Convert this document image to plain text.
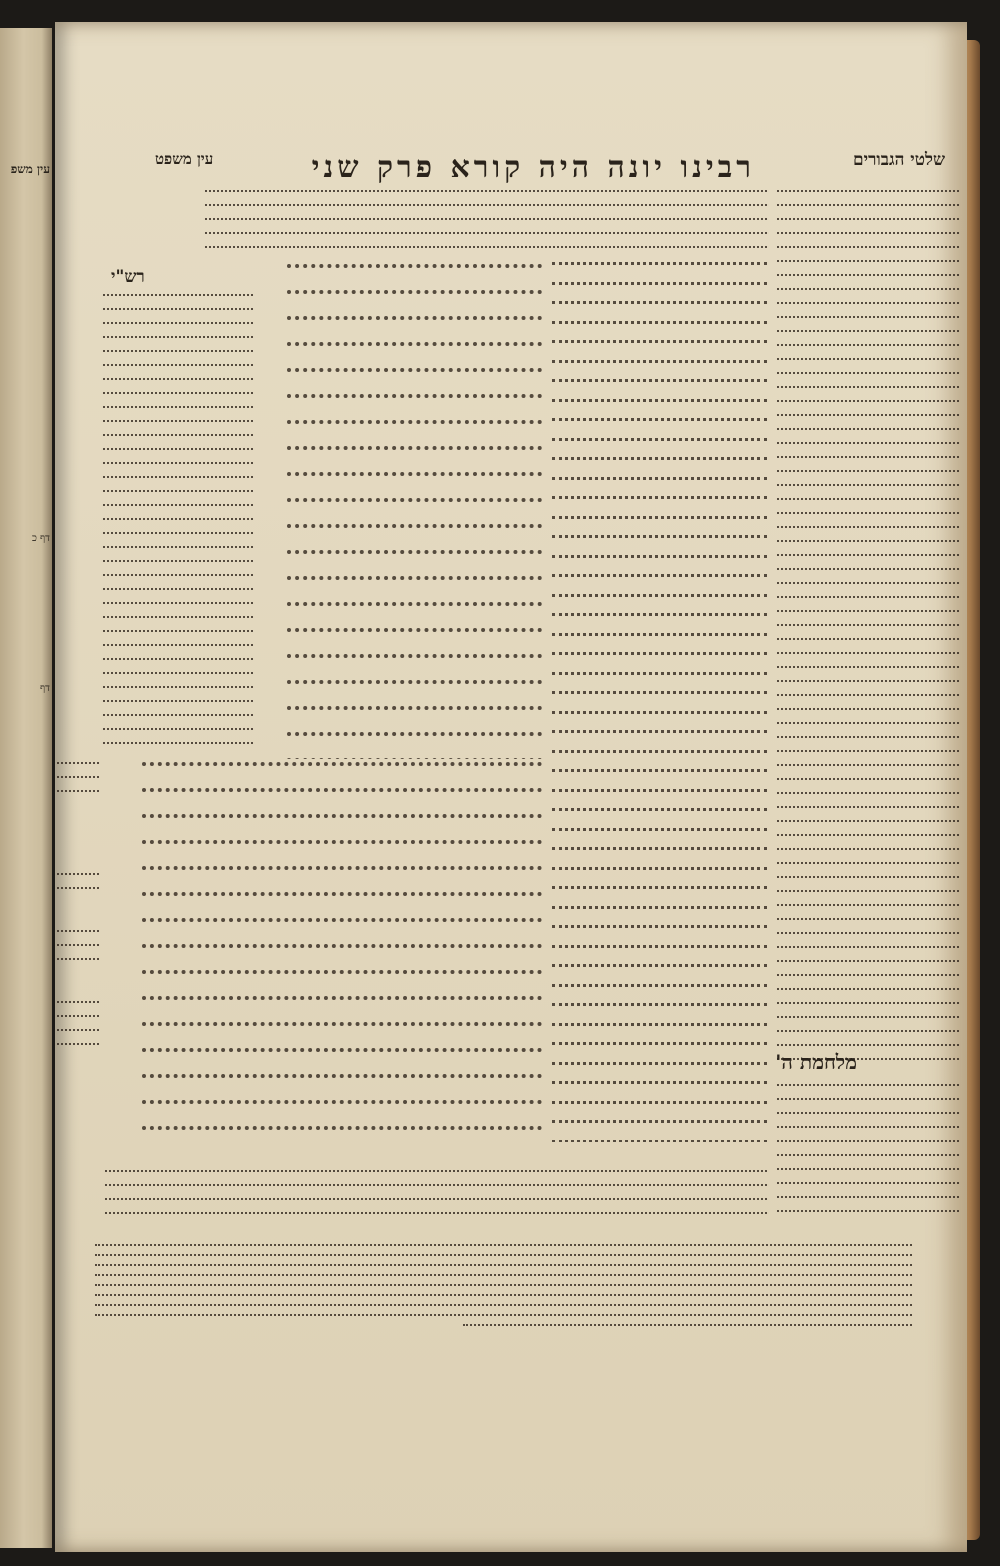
עין משפ
דף כ
דף
שלטי הגבורים
רבינו יונה היה קורא פרק שני
עין משפט
מלחמת ה'
רש"י
